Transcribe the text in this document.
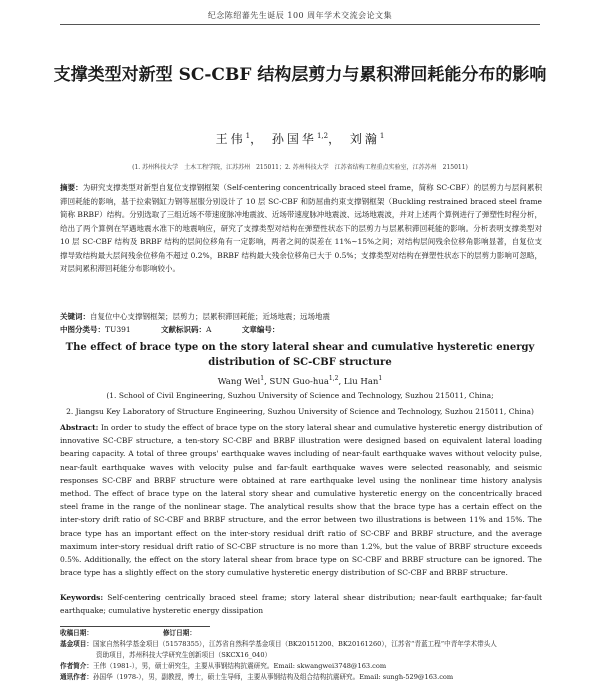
纪念陈绍蕃先生诞辰 100 周年学术交流会论文集
支撑类型对新型 SC-CBF 结构层剪力与累积滞回耗能分布的影响
王伟$^1$， 孙国华$^{1,2}$， 刘瀚$^1$
(1. 苏州科技大学　土木工程学院，江苏苏州　215011；2. 苏州科技大学　江苏省结构工程重点实验室，江苏苏州　215011)
摘要：为研究支撑类型对新型自复位支撑钢框架（Self-centering concentrically braced steel frame，简称 SC-CBF）的层剪力与层间累积滞回耗能的影响，基于拉索钢缸力钢等屈服分别设计了 10 层 SC-CBF 和防屈曲约束支撑钢框架（Buckling restrained braced steel frame 简称 BRBF）结构。分别选取了三组近场不带速度脉冲地震波、近场带速度脉冲地震波、远场地震波，并对上述两个算例进行了弹塑性时程分析，给出了两个算例在罕遇地震水准下的地震响应，研究了支撑类型对结构在弹塑性状态下的层剪力与层累积滞回耗能的影响。分析表明支撑类型对 10 层 SC-CBF 结构及 BRBF 结构的层间位移角有一定影响，两者之间的误差在 11%~15%之间；对结构层间残余位移角影响显著，自复位支撑导致结构最大层间残余位移角不超过 0.2%，BRBF 结构最大残余位移角已大于 0.5%；支撑类型对结构在弹塑性状态下的层剪力影响可忽略，对层间累积滞回耗能分布影响较小。
关键词：自复位中心支撑钢框架；层剪力；层累积滞回耗能；近场地震；远场地震
中图分类号：TU391	文献标识码：A	文章编号：
The effect of brace type on the story lateral shear and cumulative hysteretic energy distribution of SC-CBF structure
Wang Wei$^1$, SUN Guo-hua$^{1,2}$, Liu Han$^1$
(1. School of Civil Engineering, Suzhou University of Science and Technology, Suzhou 215011, China;
2. Jiangsu Key Laboratory of Structure Engineering, Suzhou University of Science and Technology, Suzhou 215011, China)
Abstract: In order to study the effect of brace type on the story lateral shear and cumulative hysteretic energy distribution of innovative SC-CBF structure, a ten-story SC-CBF and BRBF illustration were designed based on equivalent lateral loading bearing capacity. A total of three groups' earthquake waves including of near-fault earthquake waves without velocity pulse, near-fault earthquake waves with velocity pulse and far-fault earthquake waves were selected reasonably, and seismic responses SC-CBF and BRBF structure were obtained at rare earthquake level using the nonlinear time history analysis method. The effect of brace type on the lateral story shear and cumulative hysteretic energy on the concentrically braced steel frame in the range of the nonlinear stage. The analytical results show that the brace type has a certain effect on the inter-story drift ratio of SC-CBF and BRBF structure, and the error between two illustrations is between 11% and 15%. The brace type has an important effect on the inter-story residual drift ratio of SC-CBF and BRBF structure, and the average maximum inter-story residual drift ratio of SC-CBF structure is no more than 1.2%, but the value of BRBF structure exceeds 0.5%. Additionally, the effect on the story lateral shear from brace type on SC-CBF and BRBF structure can be ignored. The brace type has a slightly effect on the story cumulative hysteretic energy distribution of SC-CBF and BRBF structure.
Keywords: Self-centering centrically braced steel frame; story lateral shear distribution; near-fault earthquake; far-fault earthquake; cumulative hysteretic energy dissipation
收稿日期：	修订日期：
基金项目：国家自然科学基金项目（51578355），江苏省自然科学基金项目（BK20151200、BK20161260），江苏省“青蓝工程”中青年学术带头人
资助项目，苏州科技大学研究生创新项目（SKCX16_040）
作者简介：王伟（1981-），男，硕士研究生，主要从事钢结构抗震研究。Email: skwangwei3748@163.com
通讯作者：孙国华（1978-），男，副教授，博士，硕士生导师，主要从事钢结构及组合结构抗震研究。Email: sungh-529@163.com
